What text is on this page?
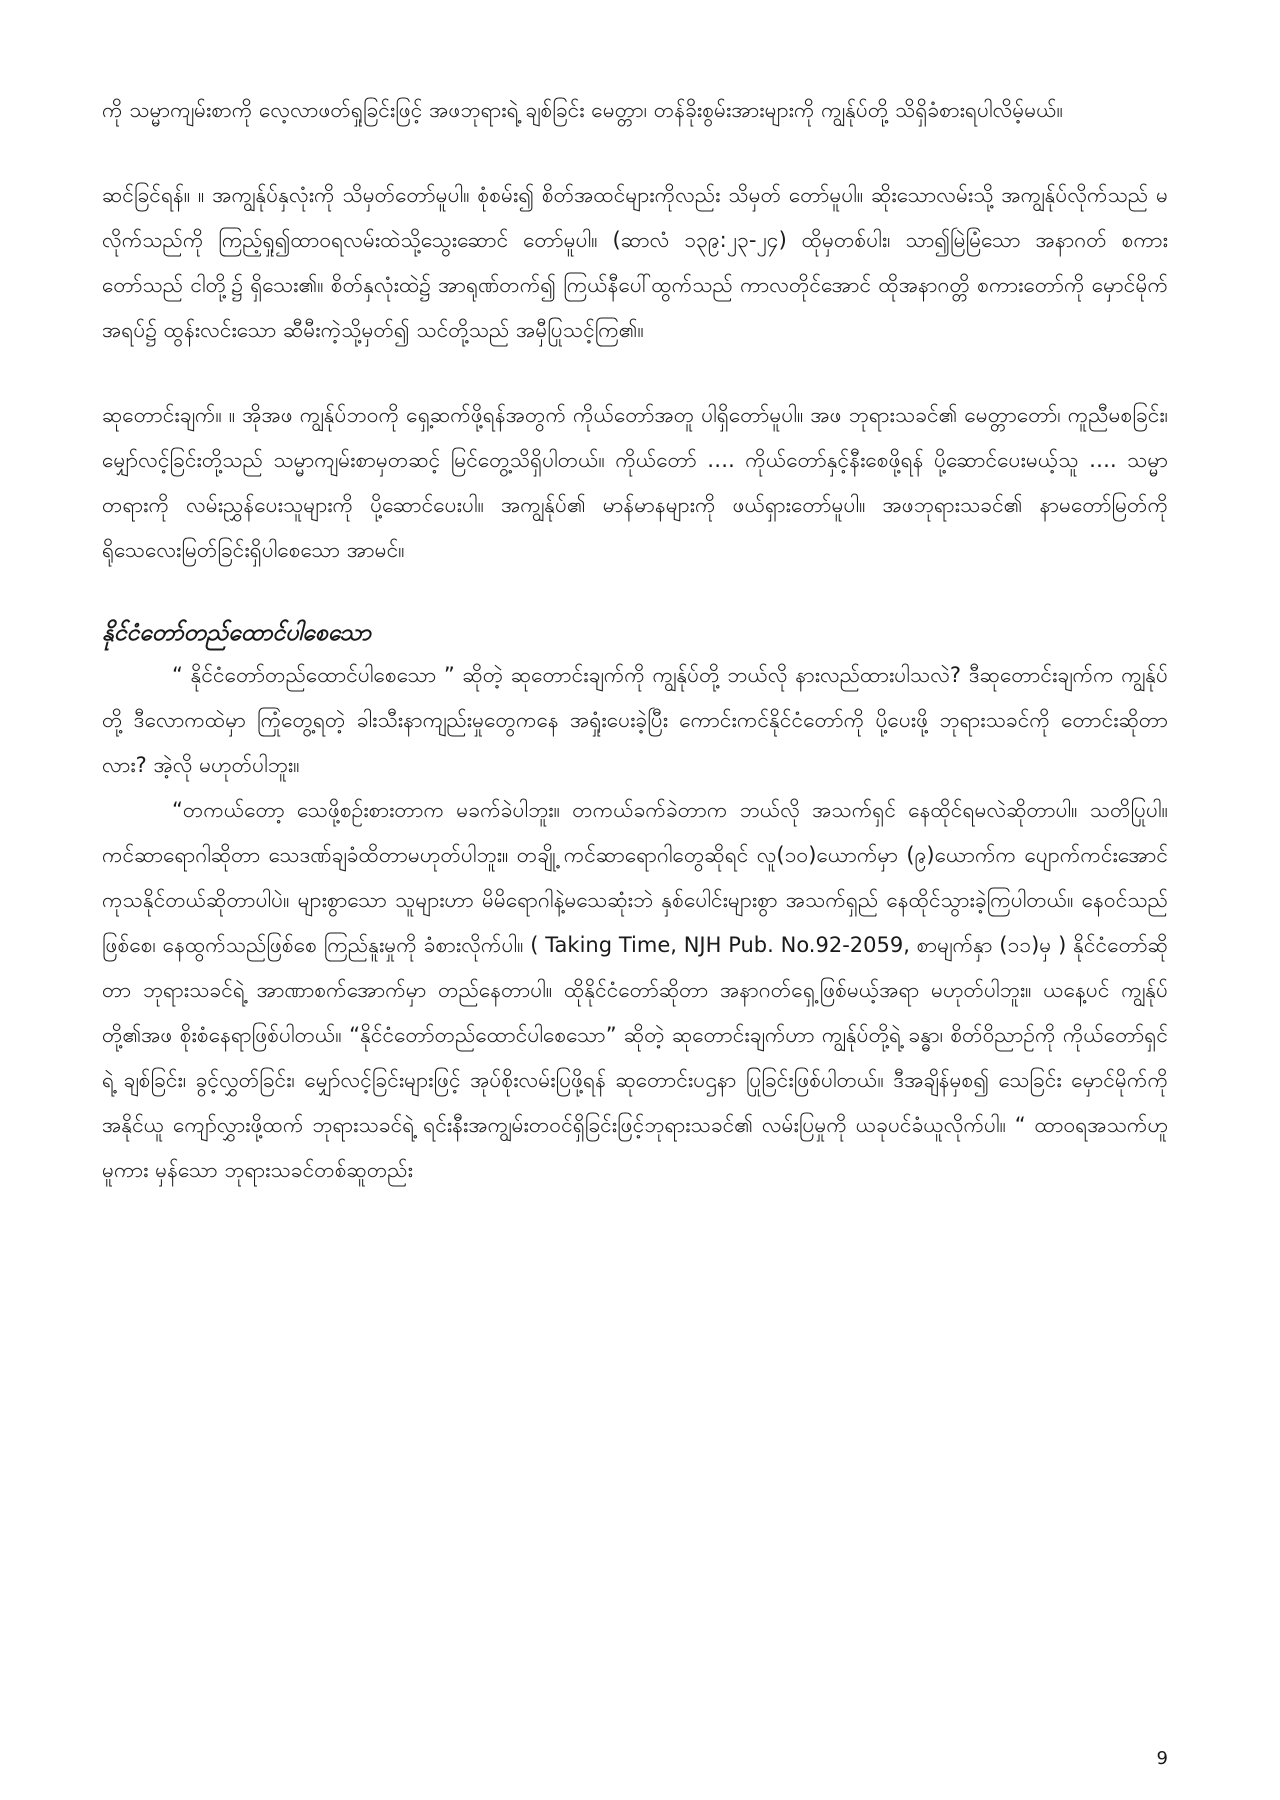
ကို သမ္မာကျမ်းစာကို လေ့လာဖတ်ရှုခြင်းဖြင့် အဖဘုရားရဲ့ ချစ်ခြင်း မေတ္တာ၊ တန်ခိုးစွမ်းအားများကို ကျွန်ုပ်တို့ သိရှိခံစားရပါလိမ့်မယ်။

ဆင်ခြင်ရန်။ ။ အကျွန်ုပ်နှလုံးကို သိမှတ်တော်မူပါ။ စုံစမ်း၍ စိတ်အထင်များကိုလည်း သိမှတ် တော်မူပါ။ ဆိုးသောလမ်းသို့ အကျွန်ုပ်လိုက်သည် မလိုက်သည်ကို ကြည့်ရှု၍ထာဝရလမ်းထဲသို့သွေးဆောင် တော်မူပါ။ (ဆာလံ ၁၃၉:၂၃-၂၄) ထိုမှတစ်ပါး၊ သာ၍မြဲမြံသော အနာဂတ် စကားတော်သည် ငါတို့၌ ရှိသေး၏။ စိတ်နှလုံးထဲ၌ အာရုဏ်တက်၍ ကြယ်နီပေါ်ထွက်သည် ကာလတိုင်အောင် ထိုအနာဂတ္တိ စကားတော်ကို မှောင်မိုက်အရပ်၌ ထွန်းလင်းသော ဆီမီးကဲ့သို့မှတ်၍ သင်တို့သည် အမှီပြုသင့်ကြ၏။

ဆုတောင်းချက်။ ။ အိုအဖ ကျွန်ုပ်ဘဝကို ရှေ့ဆက်ဖို့ရန်အတွက် ကိုယ်တော်အတူ ပါရှိတော်မူပါ။ အဖ ဘုရားသခင်၏ မေတ္တာတော်၊ ကူညီမစခြင်း၊ မျှော်လင့်ခြင်းတို့သည် သမ္မာကျမ်းစာမှတဆင့် မြင်တွေ့သိရှိပါတယ်။ ကိုယ်တော် …. ကိုယ်တော်နှင့်နီးစေဖို့ရန် ပို့ဆောင်ပေးမယ့်သူ …. သမ္မာတရားကို လမ်းညွှန်ပေးသူများကို ပို့ဆောင်ပေးပါ။ အကျွန်ုပ်၏ မာန်မာနများကို ဖယ်ရှားတော်မူပါ။ အဖဘုရားသခင်၏ နာမတော်မြတ်ကို ရိုသေလေးမြတ်ခြင်းရှိပါစေသော အာမင်။

နိုင်ငံတော်တည်ထောင်ပါစေသော

“ နိုင်ငံတော်တည်ထောင်ပါစေသော ” ဆိုတဲ့ ဆုတောင်းချက်ကို ကျွန်ုပ်တို့ ဘယ်လို နားလည်ထားပါသလဲ? ဒီဆုတောင်းချက်က ကျွန်ုပ်တို့ ဒီလောကထဲမှာ ကြုံတွေ့ရတဲ့ ခါးသီးနာကျည်းမှုတွေကနေ အရှုံးပေးခဲ့ပြီး ကောင်းကင်နိုင်ငံတော်ကို ပို့ပေးဖို့ ဘုရားသခင်ကို တောင်းဆိုတာလား? အဲ့လို မဟုတ်ပါဘူး။

“တကယ်တော့ သေဖို့စဉ်းစားတာက မခက်ခဲပါဘူး။ တကယ်ခက်ခဲတာက ဘယ်လို အသက်ရှင် နေထိုင်ရမလဲဆိုတာပါ။ သတိပြုပါ။ ကင်ဆာရောဂါဆိုတာ သေဒဏ်ချခံထိတာမဟုတ်ပါဘူး။ တချို့ ကင်ဆာရောဂါတွေဆိုရင် လူ(၁၀)ယောက်မှာ (၉)ယောက်က ပျောက်ကင်းအောင် ကုသနိုင်တယ်ဆိုတာပါပဲ။ များစွာသော သူများဟာ မိမိရောဂါနဲ့မသေဆုံးဘဲ နှစ်ပေါင်းများစွာ အသက်ရှည် နေထိုင်သွားခဲ့ကြပါတယ်။ နေ၀င်သည်ဖြစ်စေ၊ နေထွက်သည်ဖြစ်စေ ကြည်နူးမှုကို ခံစားလိုက်ပါ။ ( Taking Time, NJH Pub. No.92-2059, စာမျက်နှာ (၁၁)မှ ) နိုင်ငံတော်ဆိုတာ ဘုရားသခင်ရဲ့ အာဏာစက်အောက်မှာ တည်နေတာပါ။ ထိုနိုင်ငံတော်ဆိုတာ အနာဂတ်ရှေ့ဖြစ်မယ့်အရာ မဟုတ်ပါဘူး။ ယနေ့ပင် ကျွန်ုပ်တို့၏အဖ စိုးစံနေရာဖြစ်ပါတယ်။ “နိုင်ငံတော်တည်ထောင်ပါစေသော” ဆိုတဲ့ ဆုတောင်းချက်ဟာ ကျွန်ုပ်တို့ရဲ့ ခန္ဓာ၊ စိတ်ဝိညာဉ်ကို ကိုယ်တော်ရှင်ရဲ့ ချစ်ခြင်း၊ ခွင့်လွှတ်ခြင်း၊ မျှော်လင့်ခြင်းများဖြင့် အုပ်စိုးလမ်းပြဖို့ရန် ဆုတောင်းပဌနာ ပြုခြင်းဖြစ်ပါတယ်။ ဒီအချိန်မှစ၍ သေခြင်း မှောင်မိုက်ကို အနိုင်ယူ ကျော်လွှားဖို့ထက် ဘုရားသခင်ရဲ့ ရင်းနီးအကျွမ်းတဝင်ရှိခြင်းဖြင့်ဘုရားသခင်၏ လမ်းပြမှုကို ယခုပင်ခံယူလိုက်ပါ။ “ ထာဝရအသက်ဟူမူကား မှန်သော ဘုရားသခင်တစ်ဆူတည်း

9
